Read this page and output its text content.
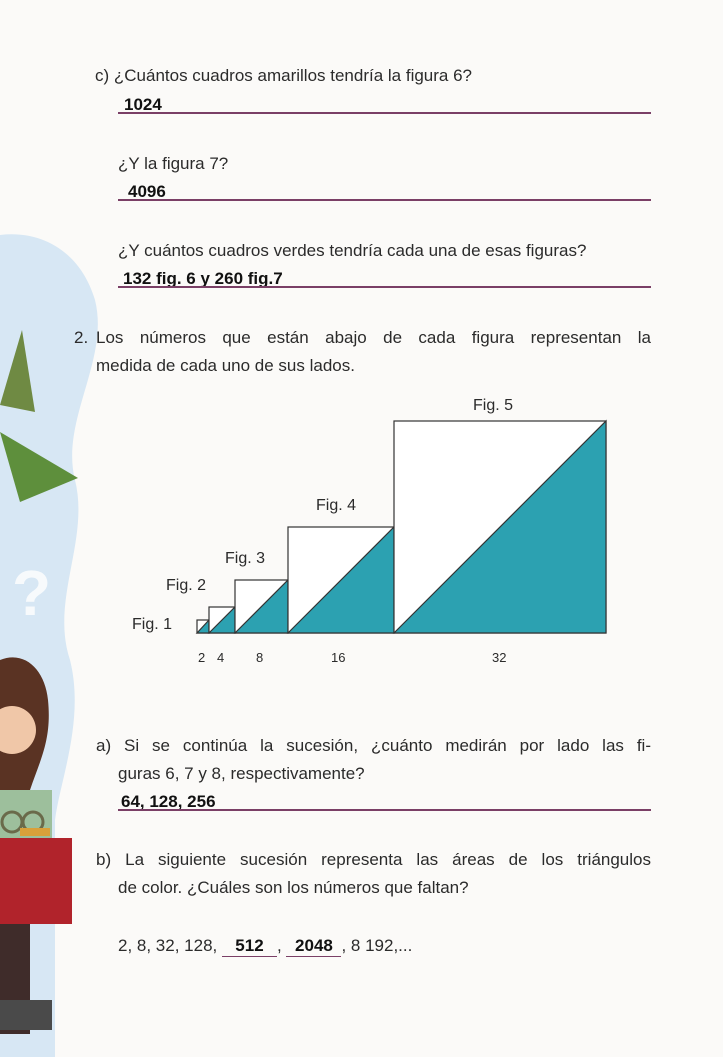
?
c) ¿Cuántos cuadros amarillos tendría la figura 6?
1024
¿Y la figura 7?
4096
¿Y cuántos cuadros verdes tendría cada una de esas figuras?
132 fig. 6 y 260 fig.7
2. Los números que están abajo de cada figura representan la
medida de cada uno de sus lados.
Fig. 1
Fig. 2
Fig. 3
Fig. 4
Fig. 5
2 4 8	16	32
a) Si se continúa la sucesión, ¿cuánto medirán por lado las fi-
guras 6, 7 y 8, respectivamente?
64, 128, 256
b) La siguiente sucesión representa las áreas de los triángulos
de color. ¿Cuáles son los números que faltan?
2, 8, 32, 128, 512 , 2048 , 8 192,...
